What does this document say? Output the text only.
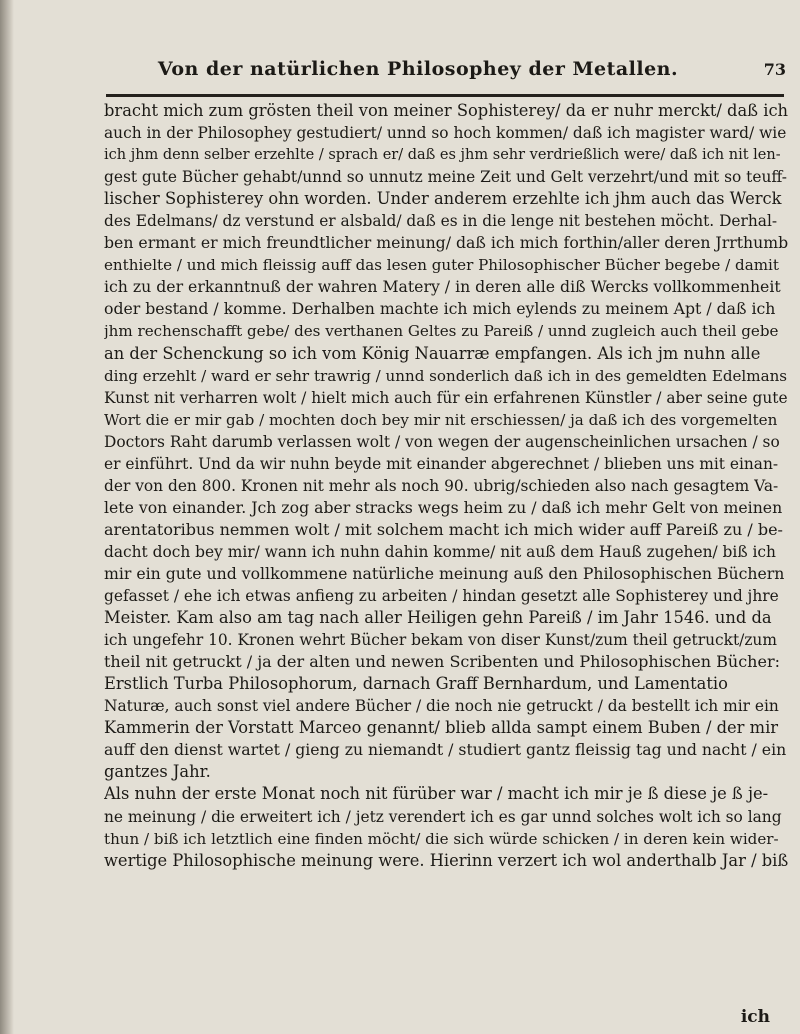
Von der natürlichen Philosophey der Metallen.	73
bracht mich zum grösten theil von meiner Sophisterey/ da er nuhr merckt/ daß ich
auch in der Philosophey gestudiert/ unnd so hoch kommen/ daß ich magister ward/ wie
ich jhm denn selber erzehlte / sprach er/ daß es jhm sehr verdrießlich were/ daß ich nit len-
gest gute Bücher gehabt/unnd so unnutz meine Zeit und Gelt verzehrt/und mit so teuff-
lischer Sophisterey ohn worden. Under anderem erzehlte ich jhm auch das Werck
des Edelmans/ dz verstund er alsbald/ daß es in die lenge nit bestehen möcht. Derhal-
ben ermant er mich freundtlicher meinung/ daß ich mich forthin/aller deren Jrrthumb
enthielte / und mich fleissig auff das lesen guter Philosophischer Bücher begebe / damit
ich zu der erkanntnuß der wahren Matery / in deren alle diß Wercks vollkommenheit
oder bestand / komme. Derhalben machte ich mich eylends zu meinem Apt / daß ich
jhm rechenschafft gebe/ des verthanen Geltes zu Pareiß / unnd zugleich auch theil gebe
an der Schenckung so ich vom König Nauarræ empfangen. Als ich jm nuhn alle
ding erzehlt / ward er sehr trawrig / unnd sonderlich daß ich in des gemeldten Edelmans
Kunst nit verharren wolt / hielt mich auch für ein erfahrenen Künstler / aber seine gute
Wort die er mir gab / mochten doch bey mir nit erschiessen/ ja daß ich des vorgemelten
Doctors Raht darumb verlassen wolt / von wegen der augenscheinlichen ursachen / so
er einführt. Und da wir nuhn beyde mit einander abgerechnet / blieben uns mit einan-
der von den 800. Kronen nit mehr als noch 90. ubrig/schieden also nach gesagtem Va-
lete von einander. Jch zog aber stracks wegs heim zu / daß ich mehr Gelt von meinen
arentatoribus nemmen wolt / mit solchem macht ich mich wider auff Pareiß zu / be-
dacht doch bey mir/ wann ich nuhn dahin komme/ nit auß dem Hauß zugehen/ biß ich
mir ein gute und vollkommene natürliche meinung auß den Philosophischen Büchern
gefasset / ehe ich etwas anfieng zu arbeiten / hindan gesetzt alle Sophisterey und jhre
Meister. Kam also am tag nach aller Heiligen gehn Pareiß / im Jahr 1546. und da
ich ungefehr 10. Kronen wehrt Bücher bekam von diser Kunst/zum theil getruckt/zum
theil nit getruckt / ja der alten und newen Scribenten und Philosophischen Bücher:
Erstlich Turba Philosophorum, darnach Graff Bernhardum, und Lamentatio
Naturæ, auch sonst viel andere Bücher / die noch nie getruckt / da bestellt ich mir ein
Kammerin der Vorstatt Marceo genannt/ blieb allda sampt einem Buben / der mir
auff den dienst wartet / gieng zu niemandt / studiert gantz fleissig tag und nacht / ein
gantzes Jahr.
Als nuhn der erste Monat noch nit fürüber war / macht ich mir je ß diese je ß je-
ne meinung / die erweitert ich / jetz verendert ich es gar unnd solches wolt ich so lang
thun / biß ich letztlich eine finden möcht/ die sich würde schicken / in deren kein wider-
wertige Philosophische meinung were. Hierinn verzert ich wol anderthalb Jar / biß
ich
